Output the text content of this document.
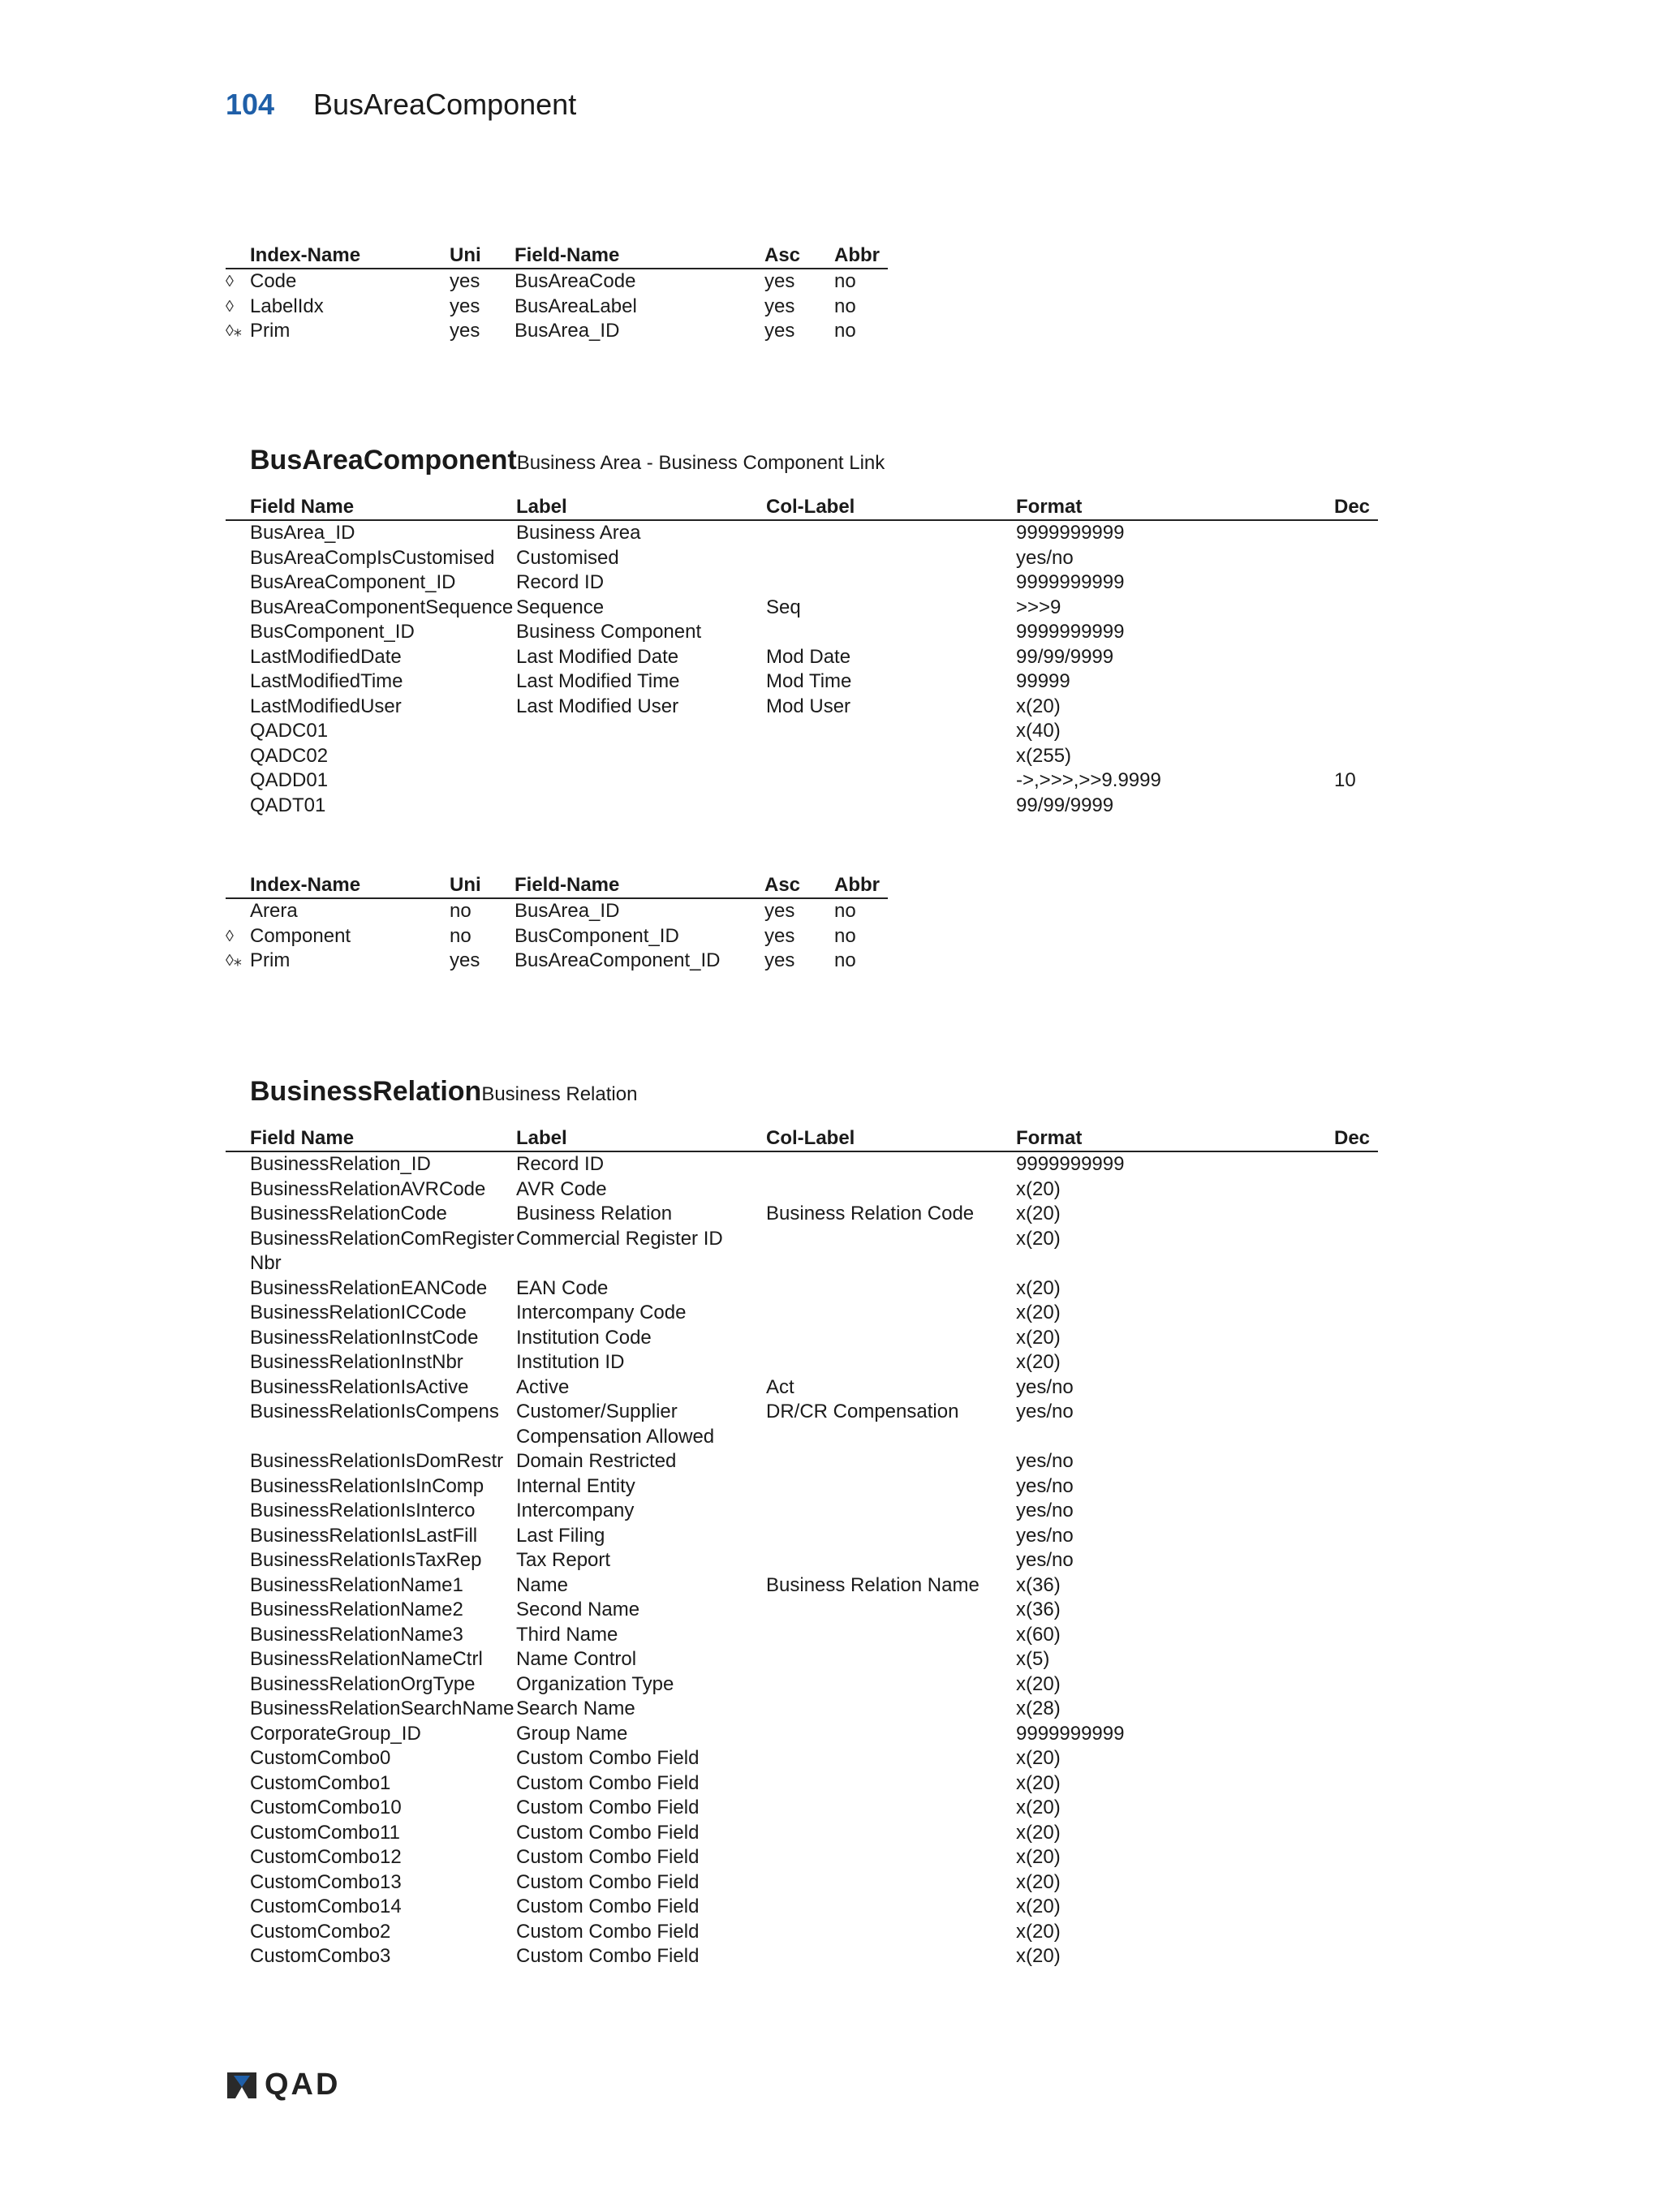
104 BusAreaComponent
	Index-Name	Uni	Field-Name	Asc	Abbr
◊	Code	yes	BusAreaCode	yes	no
◊	LabelIdx	yes	BusAreaLabel	yes	no
◊⁎	Prim	yes	BusArea_ID	yes	no
BusAreaComponentBusiness Area - Business Component Link
	Field Name	Label	Col-Label	Format	Dec
	BusArea_ID	Business Area		9999999999	
	BusAreaCompIsCustomised	Customised		yes/no	
	BusAreaComponent_ID	Record ID		9999999999	
	BusAreaComponentSequence	Sequence	Seq	>>>9	
	BusComponent_ID	Business Component		9999999999	
	LastModifiedDate	Last Modified Date	Mod Date	99/99/9999	
	LastModifiedTime	Last Modified Time	Mod Time	99999	
	LastModifiedUser	Last Modified User	Mod User	x(20)	
	QADC01			x(40)	
	QADC02			x(255)	
	QADD01			->,>>>,>>9.9999	10
	QADT01			99/99/9999	
	Index-Name	Uni	Field-Name	Asc	Abbr
	Arera	no	BusArea_ID	yes	no
◊	Component	no	BusComponent_ID	yes	no
◊⁎	Prim	yes	BusAreaComponent_ID	yes	no
BusinessRelationBusiness Relation
	Field Name	Label	Col-Label	Format	Dec
	BusinessRelation_ID	Record ID		9999999999	
	BusinessRelationAVRCode	AVR Code		x(20)	
	BusinessRelationCode	Business Relation	Business Relation Code	x(20)	
	BusinessRelationComRegister Nbr	Commercial Register ID		x(20)	
	BusinessRelationEANCode	EAN Code		x(20)	
	BusinessRelationICCode	Intercompany Code		x(20)	
	BusinessRelationInstCode	Institution Code		x(20)	
	BusinessRelationInstNbr	Institution ID		x(20)	
	BusinessRelationIsActive	Active	Act	yes/no	
	BusinessRelationIsCompens	Customer/Supplier Compensation Allowed	DR/CR Compensation	yes/no	
	BusinessRelationIsDomRestr	Domain Restricted		yes/no	
	BusinessRelationIsInComp	Internal Entity		yes/no	
	BusinessRelationIsInterco	Intercompany		yes/no	
	BusinessRelationIsLastFill	Last Filing		yes/no	
	BusinessRelationIsTaxRep	Tax Report		yes/no	
	BusinessRelationName1	Name	Business Relation Name	x(36)	
	BusinessRelationName2	Second Name		x(36)	
	BusinessRelationName3	Third Name		x(60)	
	BusinessRelationNameCtrl	Name Control		x(5)	
	BusinessRelationOrgType	Organization Type		x(20)	
	BusinessRelationSearchName	Search Name		x(28)	
	CorporateGroup_ID	Group Name		9999999999	
	CustomCombo0	Custom Combo Field		x(20)	
	CustomCombo1	Custom Combo Field		x(20)	
	CustomCombo10	Custom Combo Field		x(20)	
	CustomCombo11	Custom Combo Field		x(20)	
	CustomCombo12	Custom Combo Field		x(20)	
	CustomCombo13	Custom Combo Field		x(20)	
	CustomCombo14	Custom Combo Field		x(20)	
	CustomCombo2	Custom Combo Field		x(20)	
	CustomCombo3	Custom Combo Field		x(20)	
QAD
